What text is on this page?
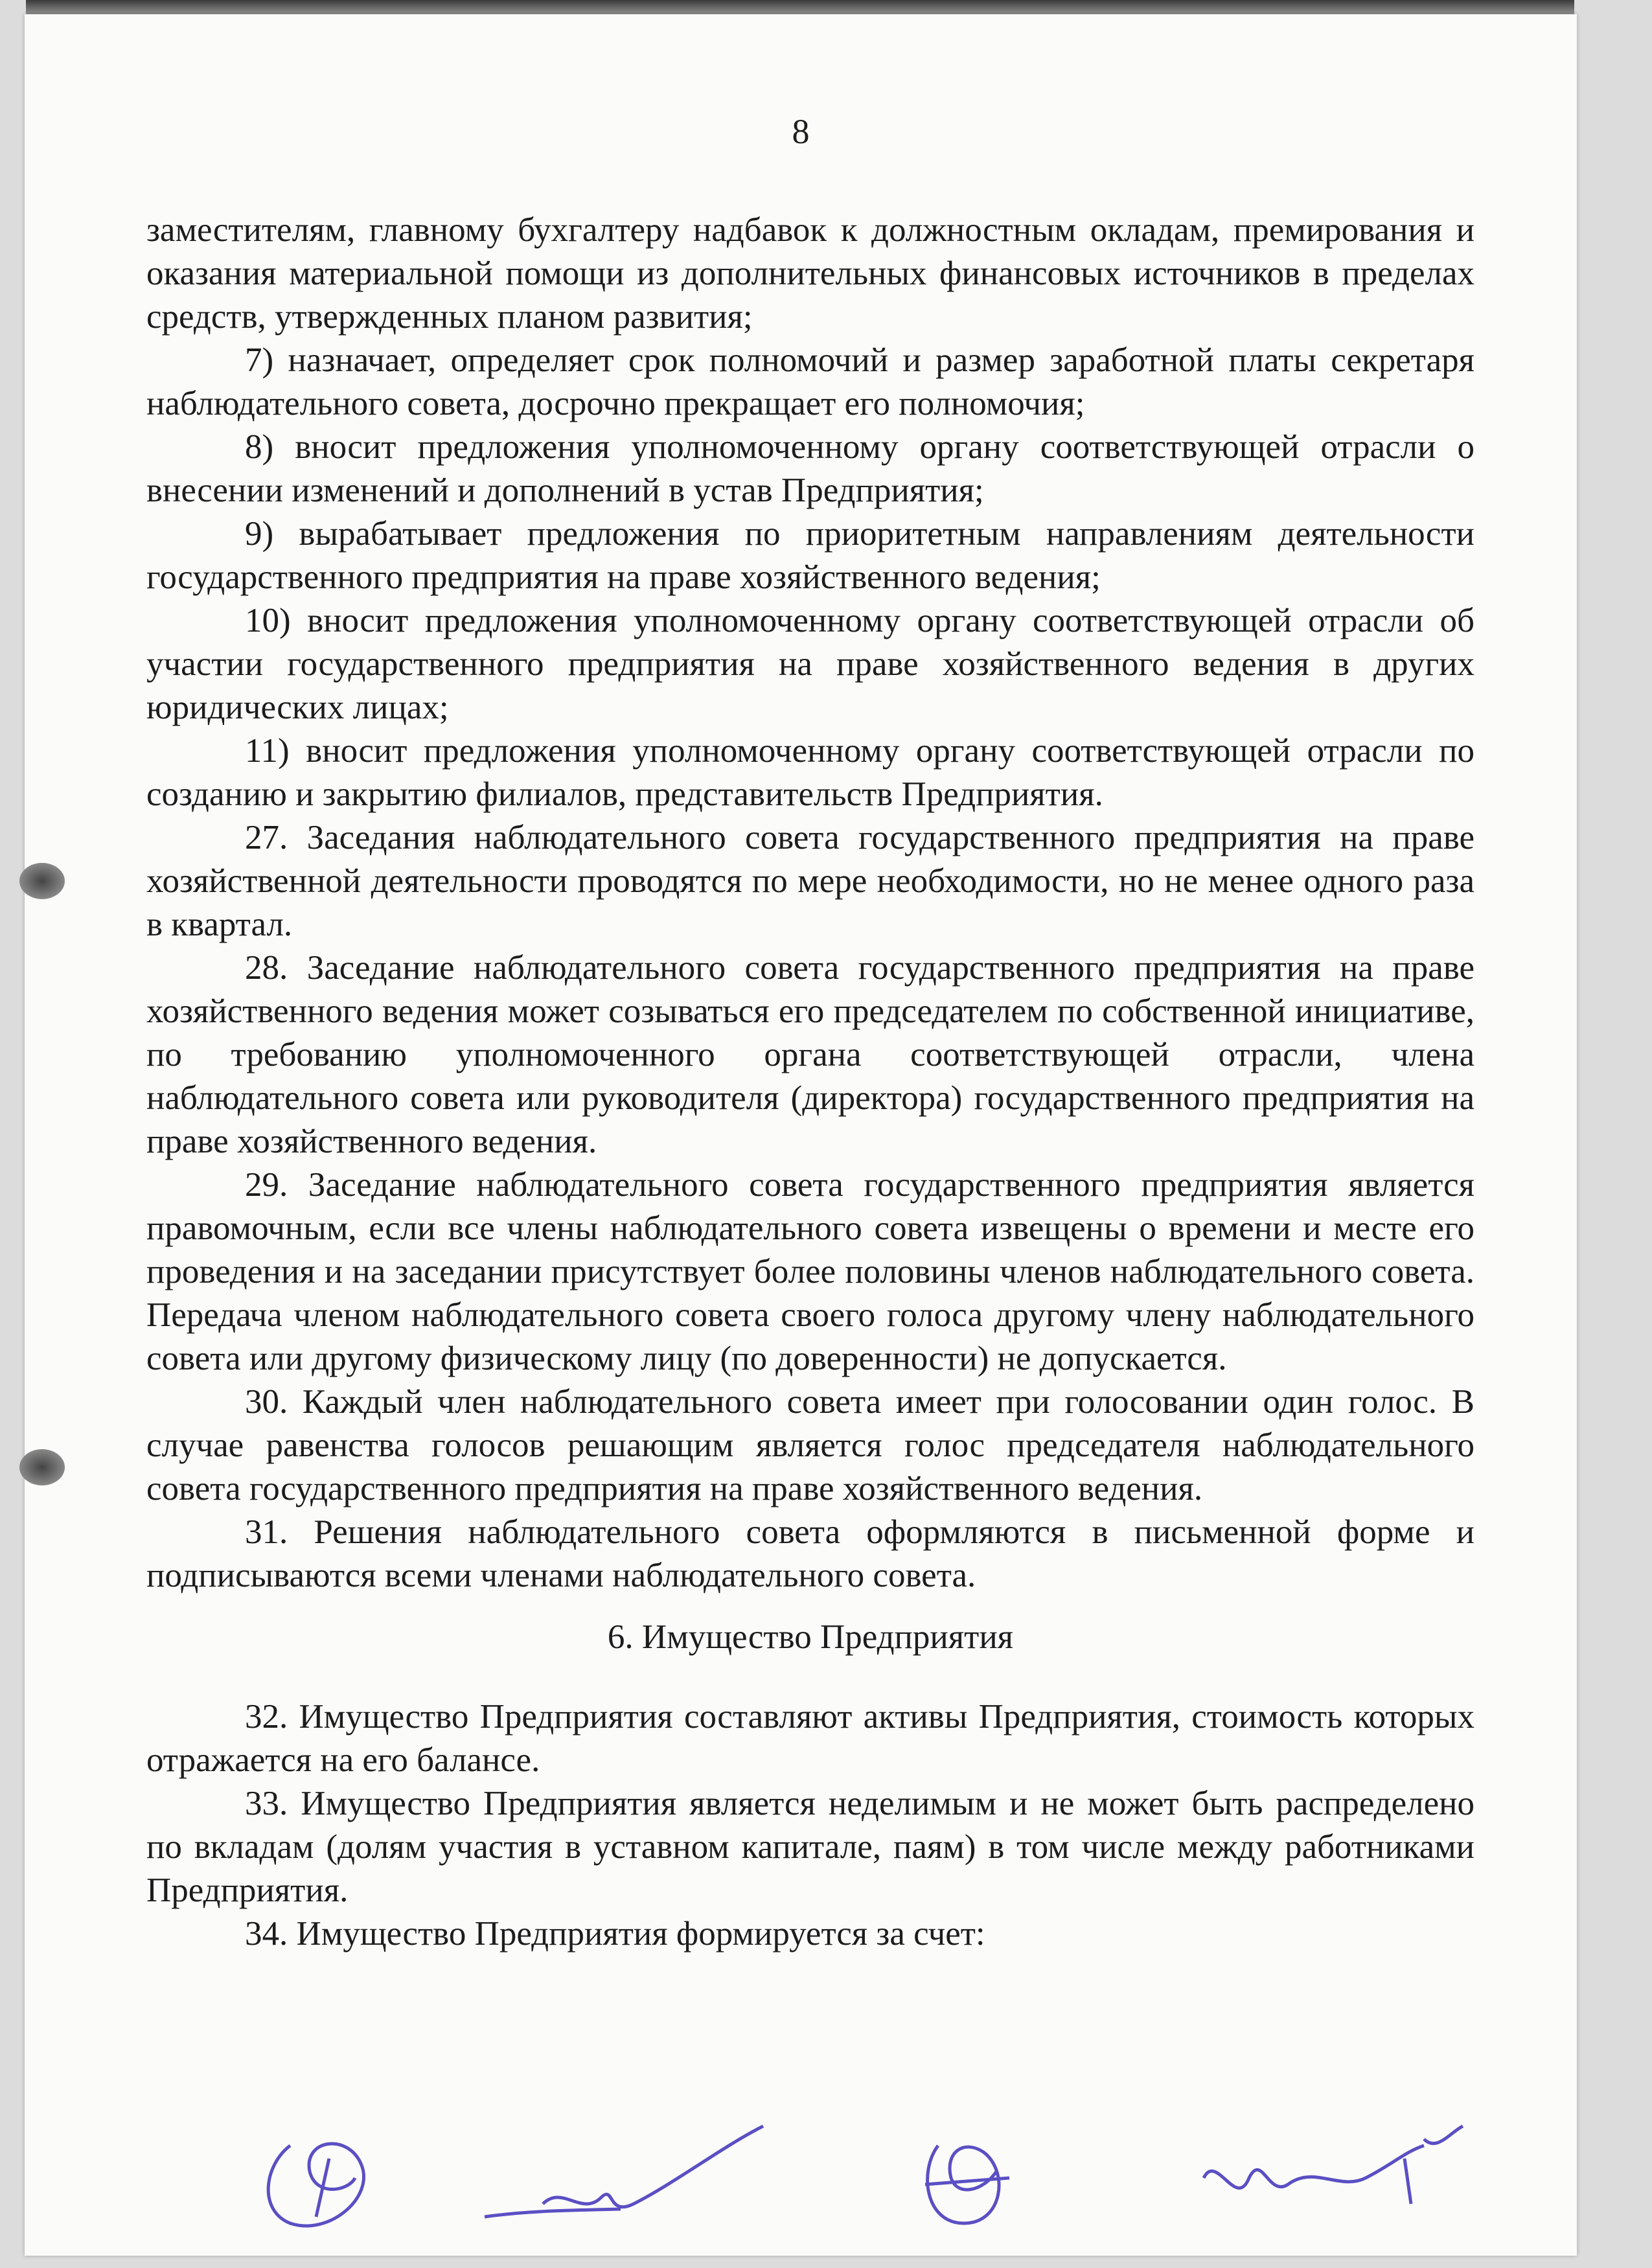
8

заместителям, главному бухгалтеру надбавок к должностным окладам, премирования и оказания материальной помощи из дополнительных финансовых источников в пределах средств, утвержденных планом развития;

7) назначает, определяет срок полномочий и размер заработной платы секретаря наблюдательного совета, досрочно прекращает его полномочия;

8) вносит предложения уполномоченному органу соответствующей отрасли о внесении изменений и дополнений в устав Предприятия;

9) вырабатывает предложения по приоритетным направлениям деятельности государственного предприятия на праве хозяйственного ведения;

10) вносит предложения уполномоченному органу соответствующей отрасли об участии государственного предприятия на праве хозяйственного ведения в других юридических лицах;

11) вносит предложения уполномоченному органу соответствующей отрасли по созданию и закрытию филиалов, представительств Предприятия.

27. Заседания наблюдательного совета государственного предприятия на праве хозяйственной деятельности проводятся по мере необходимости, но не менее одного раза в квартал.

28. Заседание наблюдательного совета государственного предприятия на праве хозяйственного ведения может созываться его председателем по собственной инициативе, по требованию уполномоченного органа соответствующей отрасли, члена наблюдательного совета или руководителя (директора) государственного предприятия на праве хозяйственного ведения.

29. Заседание наблюдательного совета государственного предприятия является правомочным, если все члены наблюдательного совета извещены о времени и месте его проведения и на заседании присутствует более половины членов наблюдательного совета. Передача членом наблюдательного совета своего голоса другому члену наблюдательного совета или другому физическому лицу (по доверенности) не допускается.

30. Каждый член наблюдательного совета имеет при голосовании один голос. В случае равенства голосов решающим является голос председателя наблюдательного совета государственного предприятия на праве хозяйственного ведения.

31. Решения наблюдательного совета оформляются в письменной форме и подписываются всеми членами наблюдательного совета.

6. Имущество Предприятия

32. Имущество Предприятия составляют активы Предприятия, стоимость которых отражается на его балансе.

33. Имущество Предприятия является неделимым и не может быть распределено по вкладам (долям участия в уставном капитале, паям) в том числе между работниками Предприятия.

34. Имущество Предприятия формируется за счет:
